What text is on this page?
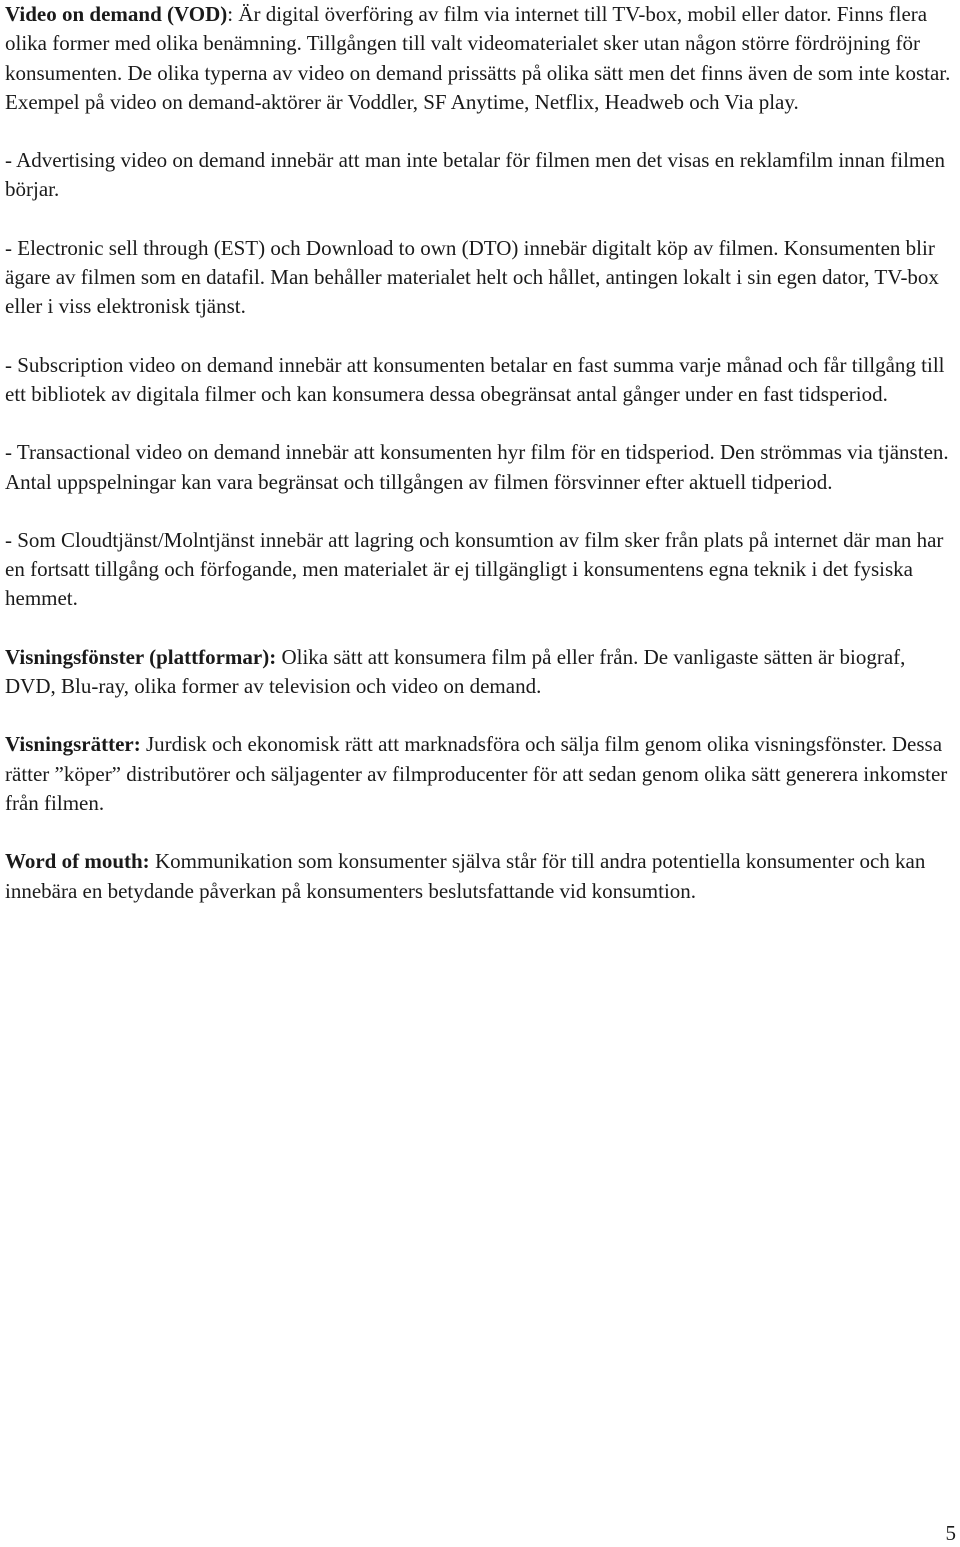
Video on demand (VOD): Är digital överföring av film via internet till TV-box, mobil eller dator. Finns flera olika former med olika benämning. Tillgången till valt videomaterialet sker utan någon större fördröjning för konsumenten. De olika typerna av video on demand prissätts på olika sätt men det finns även de som inte kostar. Exempel på video on demand-aktörer är Voddler, SF Anytime, Netflix, Headweb och Via play.

- Advertising video on demand innebär att man inte betalar för filmen men det visas en reklamfilm innan filmen börjar.

- Electronic sell through (EST) och Download to own (DTO) innebär digitalt köp av filmen. Konsumenten blir ägare av filmen som en datafil. Man behåller materialet helt och hållet, antingen lokalt i sin egen dator, TV-box eller i viss elektronisk tjänst.

- Subscription video on demand innebär att konsumenten betalar en fast summa varje månad och får tillgång till ett bibliotek av digitala filmer och kan konsumera dessa obegränsat antal gånger under en fast tidsperiod.

- Transactional video on demand innebär att konsumenten hyr film för en tidsperiod. Den strömmas via tjänsten. Antal uppspelningar kan vara begränsat och tillgången av filmen försvinner efter aktuell tidperiod.

- Som Cloudtjänst/Molntjänst innebär att lagring och konsumtion av film sker från plats på internet där man har en fortsatt tillgång och förfogande, men materialet är ej tillgängligt i konsumentens egna teknik i det fysiska hemmet.

Visningsfönster (plattformar): Olika sätt att konsumera film på eller från. De vanligaste sätten är biograf, DVD, Blu-ray, olika former av television och video on demand.

Visningsrätter: Jurdisk och ekonomisk rätt att marknadsföra och sälja film genom olika visningsfönster. Dessa rätter ”köper” distributörer och säljagenter av filmproducenter för att sedan genom olika sätt generera inkomster från filmen.

Word of mouth: Kommunikation som konsumenter själva står för till andra potentiella konsumenter och kan innebära en betydande påverkan på konsumenters beslutsfattande vid konsumtion.

5
